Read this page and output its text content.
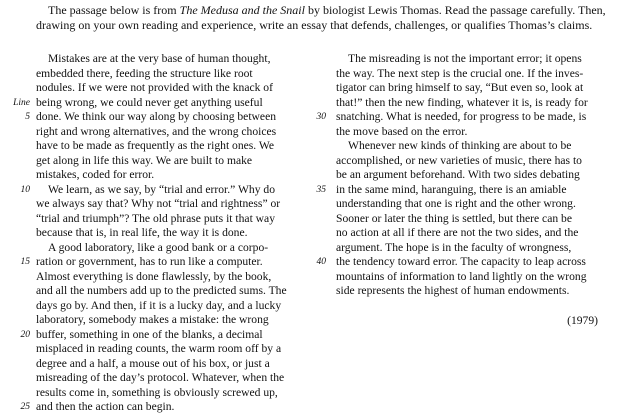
The passage below is from The Medusa and the Snail by biologist Lewis Thomas. Read the passage carefully. Then,

drawing on your own reading and experience, write an essay that defends, challenges, or qualifies Thomas’s claims.
Mistakes are at the very base of human thought,
embedded there, feeding the structure like root
nodules. If we were not provided with the knack of
Line being wrong, we could never get anything useful
5 done. We think our way along by choosing between
right and wrong alternatives, and the wrong choices
have to be made as frequently as the right ones. We
get along in life this way. We are built to make
mistakes, coded for error.
10 We learn, as we say, by “trial and error.” Why do
we always say that? Why not “trial and rightness” or
“trial and triumph”? The old phrase puts it that way
because that is, in real life, the way it is done.
A good laboratory, like a good bank or a corpo-
15 ration or government, has to run like a computer.
Almost everything is done flawlessly, by the book,
and all the numbers add up to the predicted sums. The
days go by. And then, if it is a lucky day, and a lucky
laboratory, somebody makes a mistake: the wrong
20 buffer, something in one of the blanks, a decimal
misplaced in reading counts, the warm room off by a
degree and a half, a mouse out of his box, or just a
misreading of the day’s protocol. Whatever, when the
results come in, something is obviously screwed up,
25 and then the action can begin.
The misreading is not the important error; it opens
the way. The next step is the crucial one. If the inves-
tigator can bring himself to say, “But even so, look at
that!” then the new finding, whatever it is, is ready for
30 snatching. What is needed, for progress to be made, is
the move based on the error.
Whenever new kinds of thinking are about to be
accomplished, or new varieties of music, there has to
be an argument beforehand. With two sides debating
35 in the same mind, haranguing, there is an amiable
understanding that one is right and the other wrong.
Sooner or later the thing is settled, but there can be
no action at all if there are not the two sides, and the
argument. The hope is in the faculty of wrongness,
40 the tendency toward error. The capacity to leap across
mountains of information to land lightly on the wrong
side represents the highest of human endowments.
(1979)
